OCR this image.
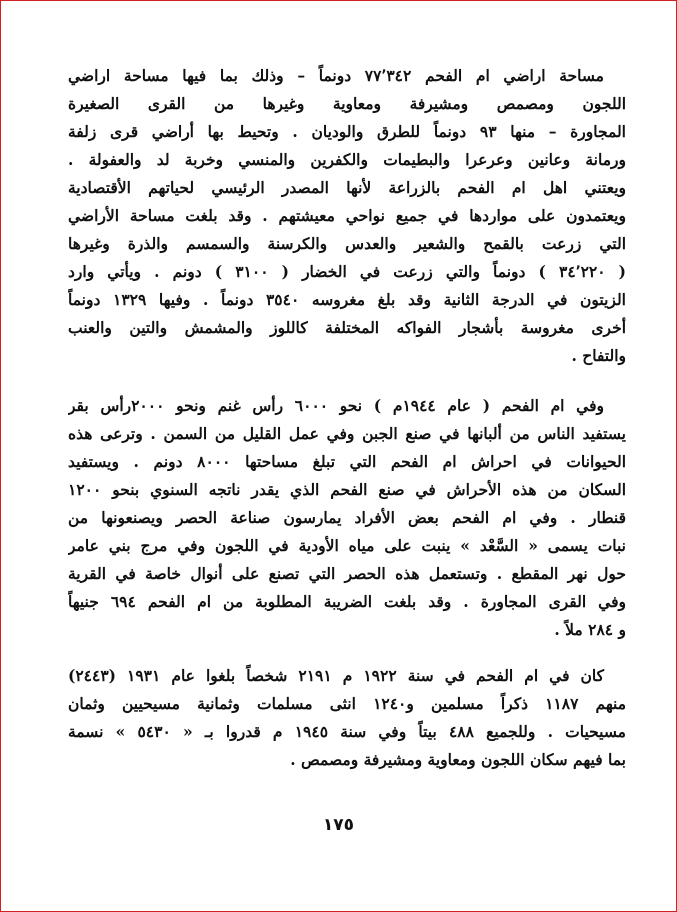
مساحة اراضي ام الفحم ٧٧٬٣٤٢ دونماً – وذلك بما فيها مساحة اراضي
اللجون ومصمص ومشيرفة ومعاوية وغيرها من القرى الصغيرة
المجاورة – منها ٩٣ دونماً للطرق والوديان . وتحيط بها أراضي قرى زلفة
ورمانة وعانين وعرعرا والبطيمات والكفرين والمنسي وخربة لد والعفولة .
ويعتني اهل ام الفحم بالزراعة لأنها المصدر الرئيسي لحياتهم الأقتصادية
ويعتمدون على مواردها في جميع نواحي معيشتهم . وقد بلغت مساحة الأراضي
التي زرعت بالقمح والشعير والعدس والكرسنة والسمسم والذرة وغيرها
( ٣٤٬٢٢٠ ) دونماً والتي زرعت في الخضار ( ٣١٠٠ ) دونم . ويأتي وارد
الزيتون في الدرجة الثانية وقد بلغ مغروسه ٣٥٤٠ دونماً . وفيها ١٣٢٩ دونماً
أخرى مغروسة بأشجار الفواكه المختلفة كاللوز والمشمش والتين والعنب
والتفاح .
وفي ام الفحم ( عام ١٩٤٤م ) نحو ٦٠٠٠ رأس غنم ونحو ٢٠٠٠رأس بقر
يستفيد الناس من ألبانها في صنع الجبن وفي عمل القليل من السمن . وترعى هذه
الحيوانات في احراش ام الفحم التي تبلغ مساحتها ٨٠٠٠ دونم . ويستفيد
السكان من هذه الأحراش في صنع الفحم الذي يقدر ناتجه السنوي بنحو ١٢٠٠
قنطار . وفي ام الفحم بعض الأفراد يمارسون صناعة الحصر ويصنعونها من
نبات يسمى « السَّعْد » ينبت على مياه الأودية في اللجون وفي مرج بني عامر
حول نهر المقطع . وتستعمل هذه الحصر التي تصنع على أنوال خاصة في القرية
وفي القرى المجاورة . وقد بلغت الضريبة المطلوبة من ام الفحم ٦٩٤ جنيهاً
و ٢٨٤ ملاً .
كان في ام الفحم في سنة ١٩٢٢ م ٢١٩١ شخصاً بلغوا عام ١٩٣١ (٢٤٤٣)
منهم ١١٨٧ ذكراً مسلمين و١٢٤٠ انثى مسلمات وثمانية مسيحيين وثمان
مسيحيات . وللجميع ٤٨٨ بيتاً وفي سنة ١٩٤٥ م قدروا بـ « ٥٤٣٠ » نسمة
بما فيهم سكان اللجون ومعاوية ومشيرفة ومصمص .
١٧٥
